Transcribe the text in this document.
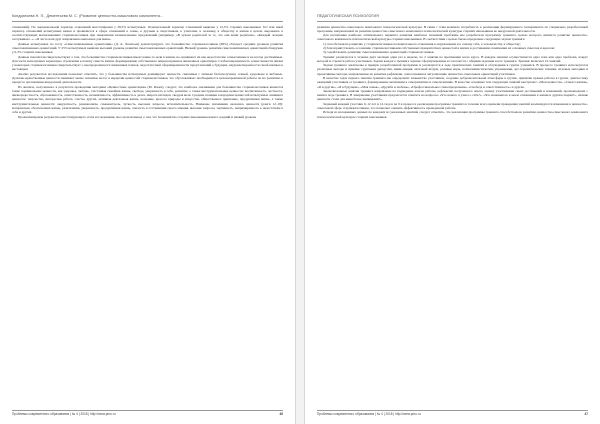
Кондратьева Н. П., Дементьева М. С. (Развитие ценностно-смыслового компонента...

отношений). По эмоциональной характер отношений констатирован у 28,3% испытуемых. Отрицательный характер отношений выявлен у 12,5% старших школьников. Тот или иной характер отношений испытуемых важен и проявляется в сфере отношений к семье, к друзьям и сверстникам, к учителям, к человеку, к обществу и жизни в целом, выражаясь в соответствующих высказываниях старшеклассников при завершении незаконченных предложений (например: «В чужом родителей за то, что они ваши родители», «Каждый человек заслуживает...», «Я часто наш друг направленно выполнен для меня».

Данные испытуемых по тесту «Смысложизненные ориентации» (Д. А. Леонтьев) демонстрируют, что большинство старшеклассников (68%) обладает средним уровнем развития смысложизненных ориентаций. У 25% испытуемых выявлен высокий уровень развития смысложизненных ориентаций. Низкий уровень развития смысложизненных ориентаций обнаружен у 6,3% старших школьников.

Данные показатели свидетельствуют о том, что большинство старшеклассников имеет какие-то цели в жизни, но оценивают их как недостаточно осмысленные и не всегда достижимые. Для части испытуемых характерно стремление к поиску смысла жизни, формированию собственного мировоззрения и жизненных ориентиров. Слабая выраженность осмысленности жизни у некоторых старшеклассников свидетельствует о неопределенности жизненных планов, недостаточной сформированности представлений о будущем, неудовлетворенности своей жизнью в настоящем.

Анализ результатов исследования позволяет отметить, что у большинства испытуемых доминируют ценности, связанные с личным благополучием, семьей, здоровьем и любовью. Духовно-нравственные ценности занимают менее значимое место в иерархии ценностей старшеклассников, что обусловливает необходимость целенаправленной работы по их развитию в процессе организации внеурочной деятельности.

Из анализа, полученного в результате проведения методики «Ценностные ориентации» (М. Рокич), следует, что наиболее значимыми для большинства старшеклассников являются такие терминальные ценности, как здоровье, любовь, счастливая семейная жизнь, свобода, уверенность в себе, развитие, а также инструментальные ценности: воспитанность, честность, жизнерадостность, образованность, ответственность, независимость, эффективность в делах, широта взглядов, твердая воля. Средние позиции в иерархии ценностей испытуемых занимают ценности: творчество, интересная работа, счастье других, активная деятельная жизнь, познание, красота природы и искусства, общественное признание, продуктивная жизнь, а также инструментальные ценности: аккуратность, рационализм, самоконтроль, чуткость, высокие запросы, исполнительность. Наименее значимыми оказались ценности (ранги 12–18): материально обеспеченная жизнь, развлечения, уверенность, продуктивная жизнь, смелость в отстаивании своего мнения, высокие запросы, терпимость, непримиримость к недостаткам в себе и других.

Проанализировав результаты констатирующего этапа исследования, мы сделали вывод о том, что большинство старших школьников имеют средний и низкий уровень

Проблемы современного образования | № 4 | 2018 | http://www.pmo.ru	46
ПЕДАГОГИЧЕСКАЯ ПСИХОЛОГИЯ

развития ценностно-смыслового компонента психологической культуры. В связи с этим возникла потребность в реализации формирующего эксперимента по специально разработанной программе, направленной на развитие ценностно-смыслового компонента психологической культуры старших школьников во внеурочной деятельности.

Для воспитания наиболее оптимального варианта развития наиболее значимой проблемы мы разработали программу тренинга, целью которого является развитие ценностно-смыслового компонента психологической культуры старших школьников. В соответствии с целью были определены следующие задачи тренинга:

1) способствовать развитию у старшеклассников положительного отношения к окружающим и к самому себе, к человечеству, к обществу;

2) благоприятствовать осознанию старшеклассниками собственных приоритетных ценностей в жизни и достижению понимания их основных смыслов и идеалов;

3) содействовать развитию смысложизненных ориентаций старшеклассников.

Тренинг реализуется в течение двух месяцев один раз в неделю, по 2 занятия на протяжении всего курса. В каждом занятии осуществляется одна тема или одна проблема, вокруг которой и строится работа участников. Задачи каждого тренинга заранее сформулированы и сочетаются с общими задачами всего тренинга. Тренинг включает 16 занятий.

Задачи тренинга заключены в прямую разработанной программе и реализуются в ходе практических занятий и обсуждения в группе учащихся. В процессе тренинга используются различные методы и приемы: групповая дискуссия, мини-лекция, мозговой штурм, ролевые игры, психогимнастические упражнения, арт-терапевтические техники, игровые методики и проективные методы, направленные на развитие рефлексии, самосознания и актуализацию ценностно-смысловых ориентаций участников.

В качестве задач первого занятия тренинга мы определили: знакомство участников, создание доброжелательной атмосферы в группе, принятие правил работы в группе, диагностику ожиданий участников от тренинга, формирование мотивации к саморазвитию и самопознанию. В качестве основных тем следующих занятий выступают: «Мои ценности», «Смысл жизни», «Я и другие», «Я в будущем», «Моя семья», «Дружба и любовь», «Профессиональное самоопределение», «Свобода и ответственность» и другие.

Заключительные занятия тренинга направлены на подведение итогов работы, рефлексию полученного опыта, оценку участниками своих достижений и изменений, произошедших с ними в ходе тренинга. В завершение участникам предлагается ответить на вопросы: «Что нового я узнал о себе?», «Что изменилось в моем отношении к жизни и другим людям?», «Какие ценности стали для меня более значимыми?».

Заданный каждый участник 9–12 лет и 12-ти раз на 9 в процессе реализации программы тренинга в течение всего времени проведения занятий анализируются изменения в ценностно-смысловой сфере старшеклассников, что позволяет оценить эффективность проведенной работы.

Исходя из изложенных данных по каждому из указанных занятий, следует отметить, что реализация программы тренинга способствовала развитию ценностно-смыслового компонента психологической культуры старших школьников.

Проблемы современного образования | № 4 | 2018 | http://www.pmo.ru	47
